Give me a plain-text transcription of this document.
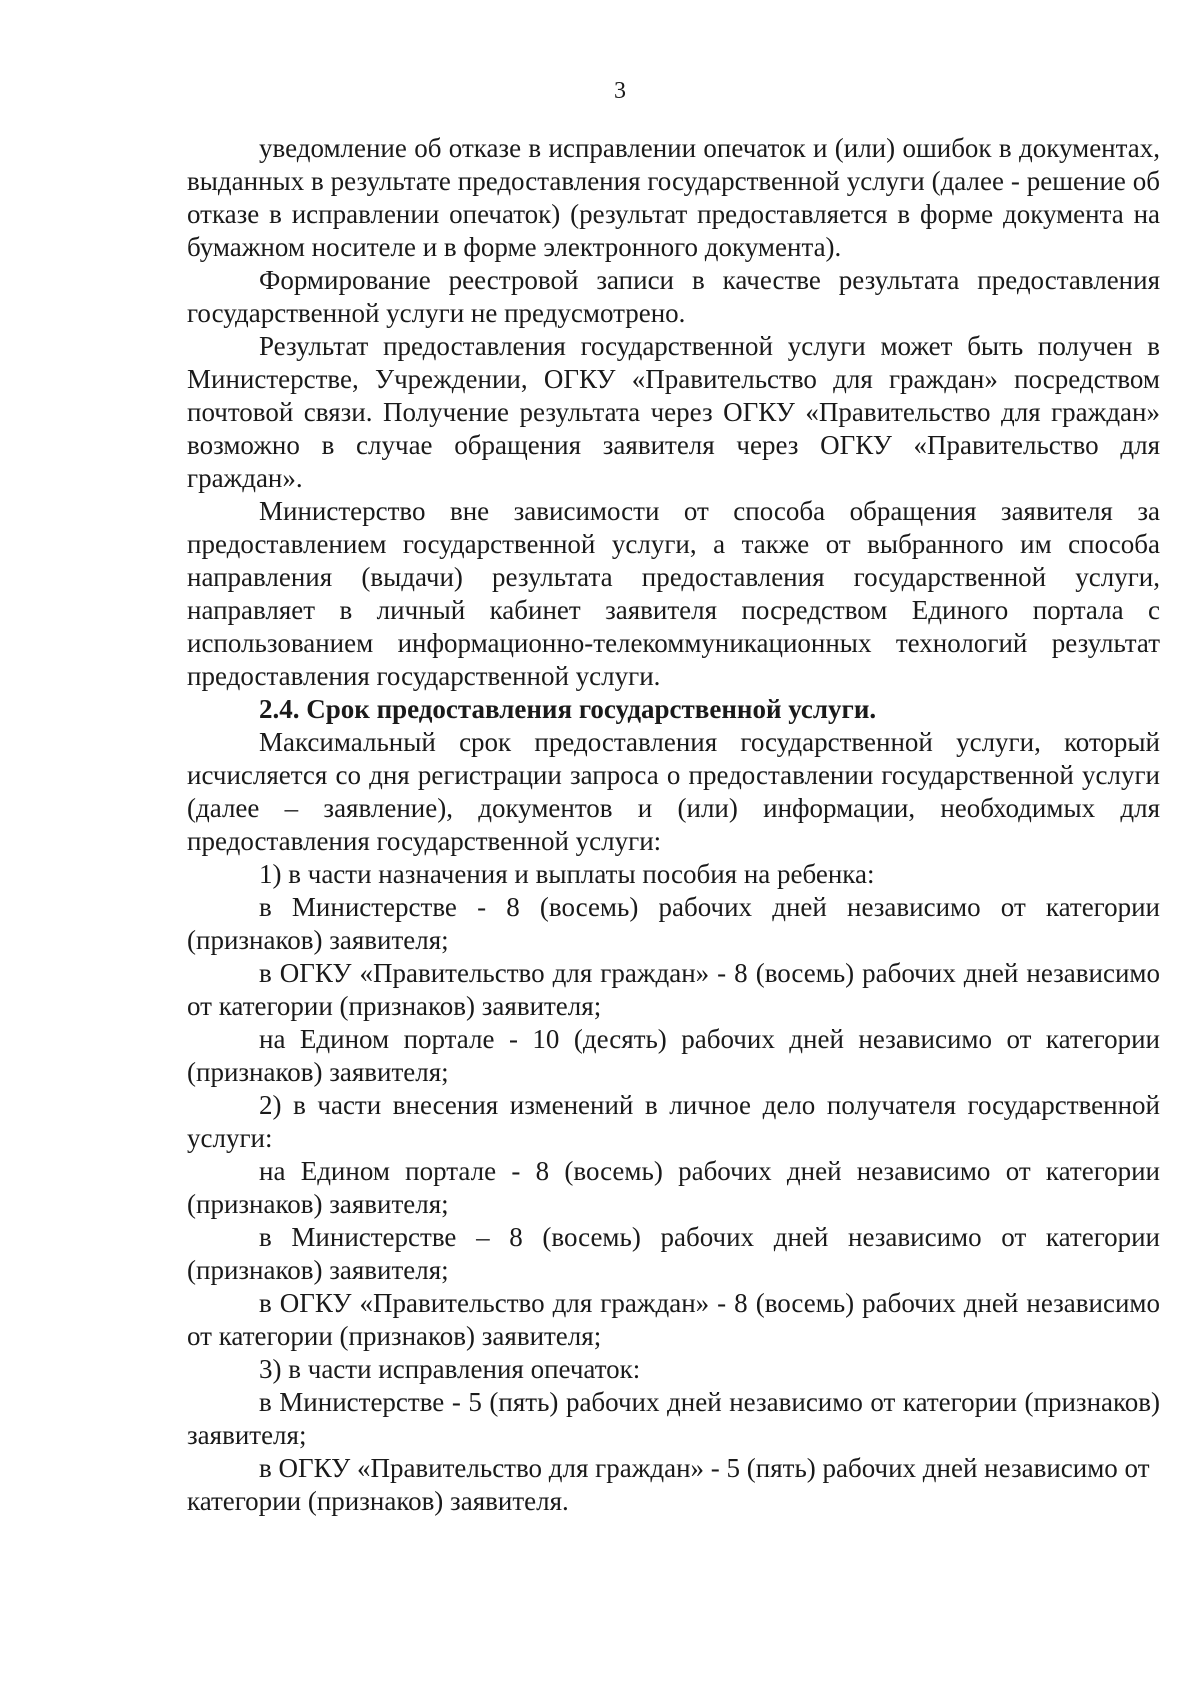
3

уведомление об отказе в исправлении опечаток и (или) ошибок в документах, выданных в результате предоставления государственной услуги (далее - решение об отказе в исправлении опечаток) (результат предоставляется в форме документа на бумажном носителе и в форме электронного документа).

Формирование реестровой записи в качестве результата предоставления государственной услуги не предусмотрено.

Результат предоставления государственной услуги может быть получен в Министерстве, Учреждении, ОГКУ «Правительство для граждан» посредством почтовой связи. Получение результата через ОГКУ «Правительство для граждан» возможно в случае обращения заявителя через ОГКУ «Правительство для граждан».

Министерство вне зависимости от способа обращения заявителя за предоставлением государственной услуги, а также от выбранного им способа направления (выдачи) результата предоставления государственной услуги, направляет в личный кабинет заявителя посредством Единого портала с использованием информационно-телекоммуникационных технологий результат предоставления государственной услуги.

2.4. Срок предоставления государственной услуги.

Максимальный срок предоставления государственной услуги, который исчисляется со дня регистрации запроса о предоставлении государственной услуги (далее – заявление), документов и (или) информации, необходимых для предоставления государственной услуги:

1) в части назначения и выплаты пособия на ребенка:

в Министерстве - 8 (восемь) рабочих дней независимо от категории (признаков) заявителя;

в ОГКУ «Правительство для граждан» - 8 (восемь) рабочих дней независимо от категории (признаков) заявителя;

на Едином портале - 10 (десять) рабочих дней независимо от категории (признаков) заявителя;

2) в части внесения изменений в личное дело получателя государственной услуги:

на Едином портале - 8 (восемь) рабочих дней независимо от категории (признаков) заявителя;

в Министерстве – 8 (восемь) рабочих дней независимо от категории (признаков) заявителя;

в ОГКУ «Правительство для граждан» - 8 (восемь) рабочих дней независимо от категории (признаков) заявителя;

3) в части исправления опечаток:

в Министерстве - 5 (пять) рабочих дней независимо от категории (признаков) заявителя;

в ОГКУ «Правительство для граждан» - 5 (пять) рабочих дней независимо от категории (признаков) заявителя.
